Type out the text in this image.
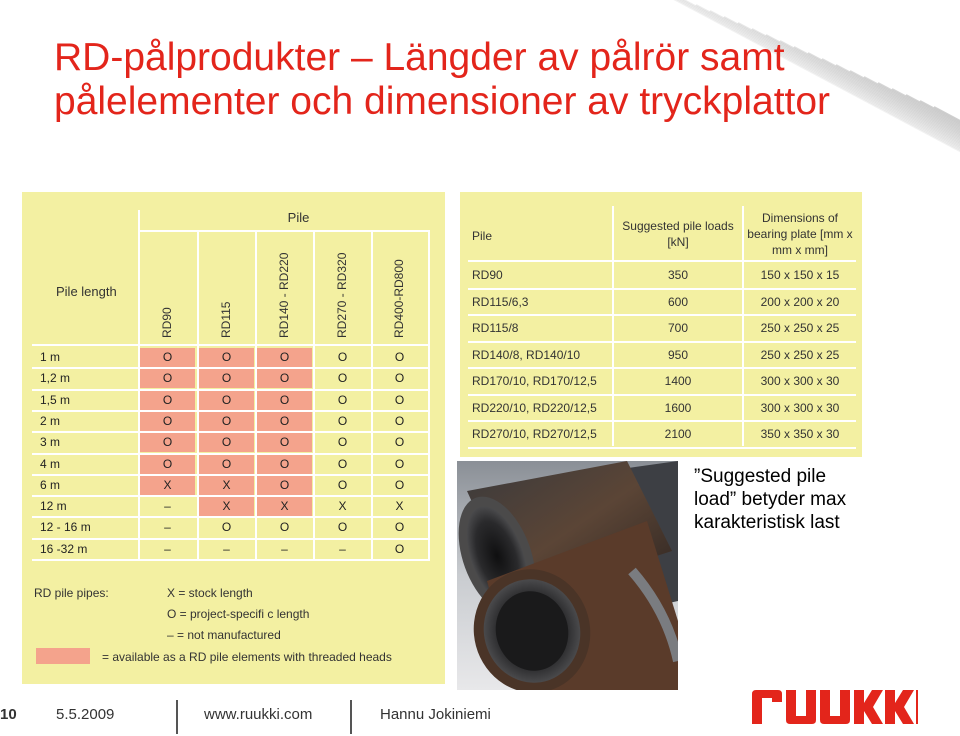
RD-pålprodukter – Längder av pålrör samt pålelementer och dimensioner av tryckplattor
Pile
Pile length
RD90	RD115	RD140 - RD220	RD270 - RD320	RD400-RD800
1 m	O	O	O	O	O
1,2 m	O	O	O	O	O
1,5 m	O	O	O	O	O
2 m	O	O	O	O	O
3 m	O	O	O	O	O
4 m	O	O	O	O	O
6 m	X	X	O	O	O
12 m	–	X	X	X	X
12 - 16 m	–	O	O	O	O
16 -32 m	–	–	–	–	O
RD pile pipes:	X = stock length
O = project-specifi c length
– = not manufactured
= available as a RD pile elements with threaded heads
Pile
Suggested pile loads [kN]
Dimensions of bearing plate [mm x mm x mm]
RD90	350	150 x 150 x 15
RD115/6,3	600	200 x 200 x 20
RD115/8	700	250 x 250 x 25
RD140/8, RD140/10	950	250 x 250 x 25
RD170/10, RD170/12,5	1400	300 x 300 x 30
RD220/10, RD220/12,5	1600	300 x 300 x 30
RD270/10, RD270/12,5	2100	350 x 350 x 30
”Suggested pile load” betyder max karakteristisk last
10	5.5.2009	www.ruukki.com	Hannu Jokiniemi
